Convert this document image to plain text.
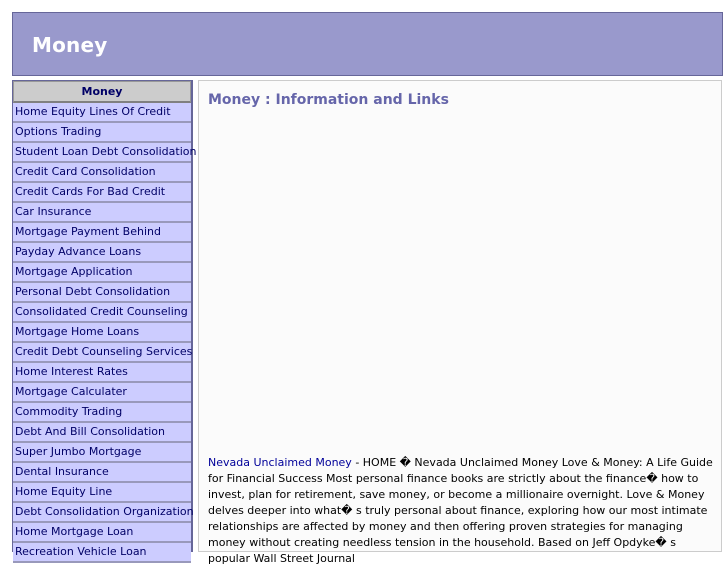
Money
Money
Home Equity Lines Of Credit
Options Trading
Student Loan Debt Consolidation
Credit Card Consolidation
Credit Cards For Bad Credit
Car Insurance
Mortgage Payment Behind
Payday Advance Loans
Mortgage Application
Personal Debt Consolidation
Consolidated Credit Counseling
Mortgage Home Loans
Credit Debt Counseling Services
Home Interest Rates
Mortgage Calculater
Commodity Trading
Debt And Bill Consolidation
Super Jumbo Mortgage
Dental Insurance
Home Equity Line
Debt Consolidation Organization
Home Mortgage Loan
Recreation Vehicle Loan
Money : Information and Links
Nevada Unclaimed Money - HOME � Nevada Unclaimed Money Love & Money: A Life Guide for Financial Success Most personal finance books are strictly about the finance� how to invest, plan for retirement, save money, or become a millionaire overnight. Love & Money delves deeper into what� s truly personal about finance, exploring how our most intimate relationships are affected by money and then offering proven strategies for managing money without creating needless tension in the household. Based on Jeff Opdyke� s popular Wall Street Journal
